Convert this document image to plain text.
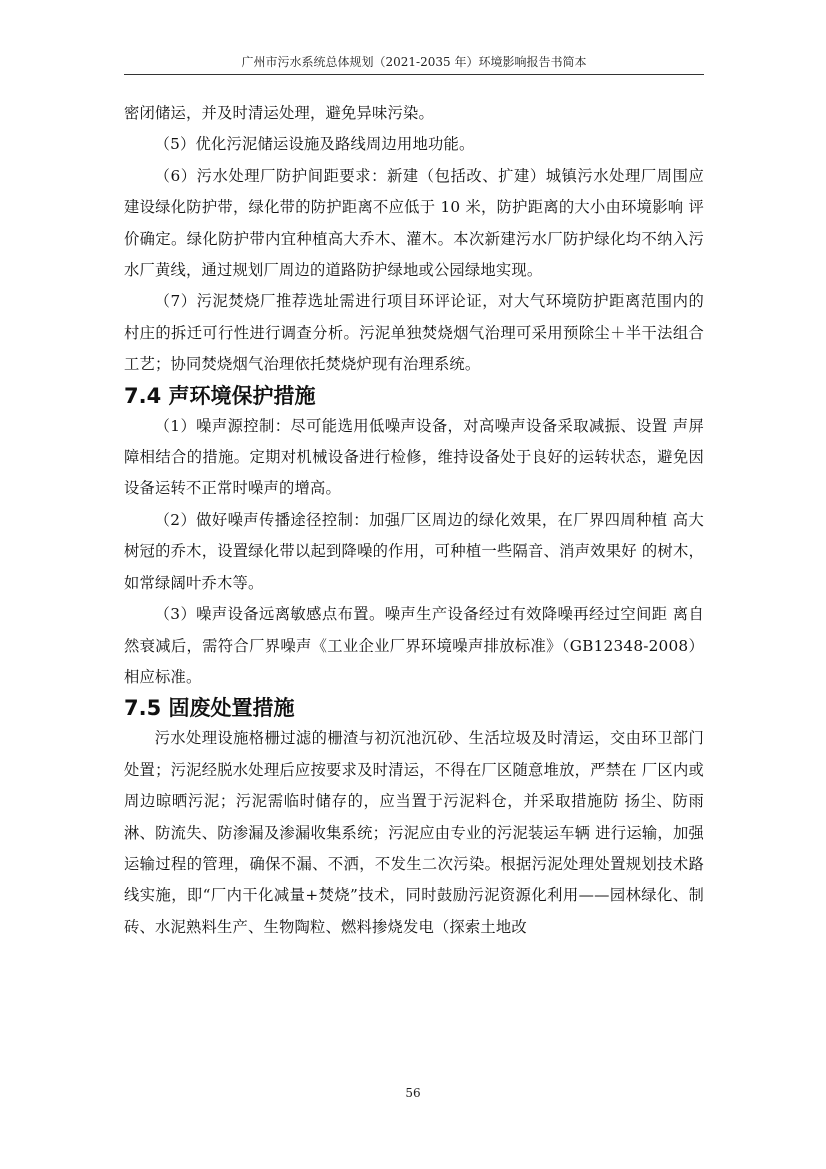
广州市污水系统总体规划（2021-2035 年）环境影响报告书简本

密闭储运，并及时清运处理，避免异味污染。

（5）优化污泥储运设施及路线周边用地功能。

（6）污水处理厂防护间距要求：新建（包括改、扩建）城镇污水处理厂周围应建设绿化防护带，绿化带的防护距离不应低于 10 米，防护距离的大小由环境影响 评价确定。绿化防护带内宜种植高大乔木、灌木。本次新建污水厂防护绿化均不纳入污水厂黄线，通过规划厂周边的道路防护绿地或公园绿地实现。

（7）污泥焚烧厂推荐选址需进行项目环评论证，对大气环境防护距离范围内的村庄的拆迁可行性进行调查分析。污泥单独焚烧烟气治理可采用预除尘＋半干法组合工艺；协同焚烧烟气治理依托焚烧炉现有治理系统。

7.4 声环境保护措施

（1）噪声源控制：尽可能选用低噪声设备，对高噪声设备采取减振、设置 声屏障相结合的措施。定期对机械设备进行检修，维持设备处于良好的运转状态，避免因设备运转不正常时噪声的增高。

（2）做好噪声传播途径控制：加强厂区周边的绿化效果，在厂界四周种植 高大树冠的乔木，设置绿化带以起到降噪的作用，可种植一些隔音、消声效果好 的树木，如常绿阔叶乔木等。

（3）噪声设备远离敏感点布置。噪声生产设备经过有效降噪再经过空间距 离自然衰减后，需符合厂界噪声《工业企业厂界环境噪声排放标准》（GB12348-2008）相应标准。

7.5 固废处置措施

污水处理设施格栅过滤的栅渣与初沉池沉砂、生活垃圾及时清运，交由环卫部门处置；污泥经脱水处理后应按要求及时清运，不得在厂区随意堆放，严禁在 厂区内或周边晾晒污泥；污泥需临时储存的，应当置于污泥料仓，并采取措施防 扬尘、防雨淋、防流失、防渗漏及渗漏收集系统；污泥应由专业的污泥装运车辆 进行运输，加强运输过程的管理，确保不漏、不洒，不发生二次污染。根据污泥处理处置规划技术路线实施，即“厂内干化减量+焚烧”技术，同时鼓励污泥资源化利用——园林绿化、制砖、水泥熟料生产、生物陶粒、燃料掺烧发电（探索土地改

56
